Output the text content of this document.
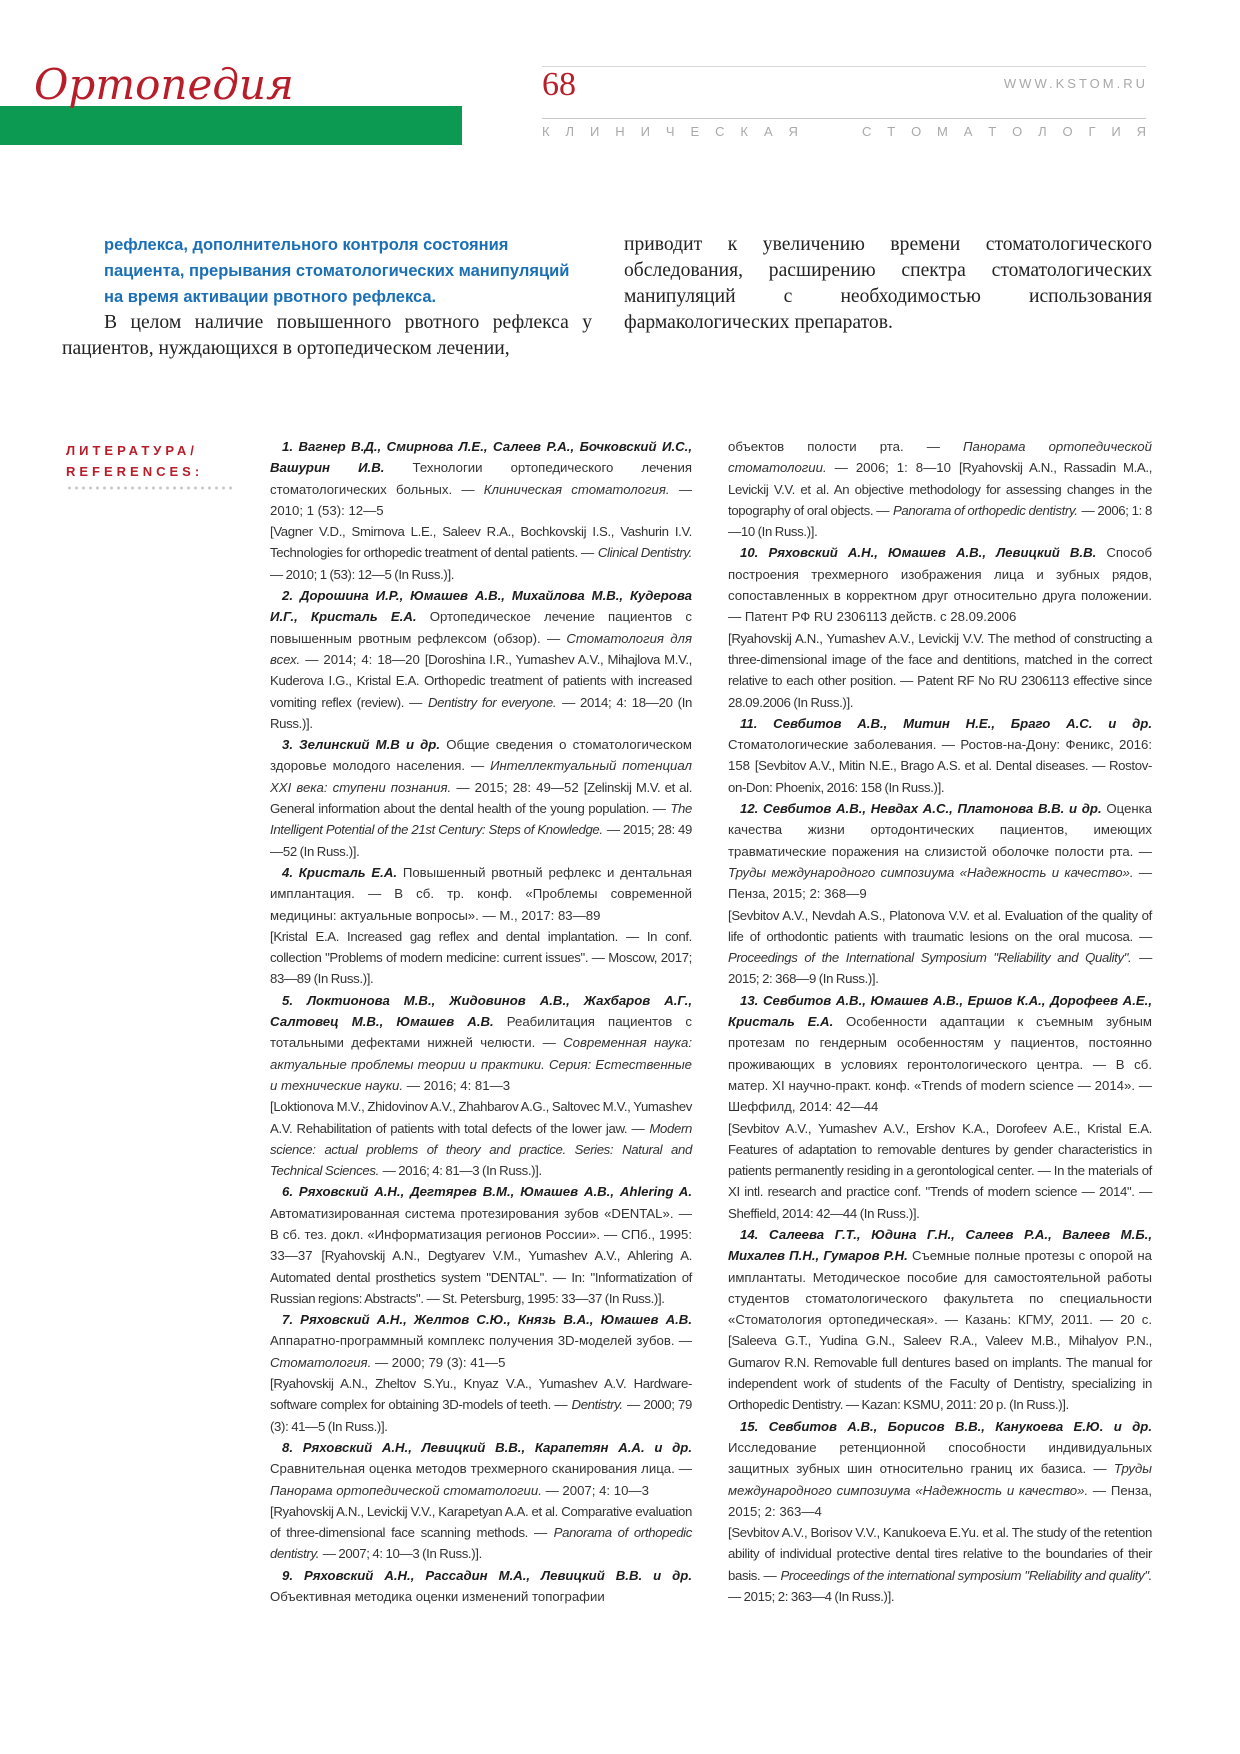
Ортопедия	68	WWW.KSTOM.RU
К Л И Н И Ч Е С К А Я	С Т О М А Т О Л О Г И Я
рефлекса, дополнительного контроля состояния пациента, прерывания стоматологических манипуляций на время активации рвотного рефлекса.
В целом наличие повышенного рвотного рефлекса у пациентов, нуждающихся в ортопедическом лечении,
приводит к увеличению времени стоматологического обследования, расширению спектра стоматологических манипуляций с необходимостью использования фармакологических препаратов.
ЛИТЕРАТУРА/
REFERENCES:

1. Вагнер В.Д., Смирнова Л.Е., Салеев Р.А., Бочковский И.С., Вашурин И.В. Технологии ортопедического лечения стоматологических больных. — Клиническая стоматология. — 2010; 1 (53): 12—5
[Vagner V.D., Smirnova L.E., Saleev R.A., Bochkovskij I.S., Vashurin I.V. Technologies for orthopedic treatment of dental patients. — Clinical Dentistry. — 2010; 1 (53): 12—5 (In Russ.)].

2. Дорошина И.Р., Юмашев А.В., Михайлова М.В., Кудерова И.Г., Кристаль Е.А. Ортопедическое лечение пациентов с повышенным рвотным рефлексом (обзор). — Стоматология для всех. — 2014; 4: 18—20 [Doroshina I.R., Yumashev A.V., Mihajlova M.V., Kuderova I.G., Kristal E.A. Orthopedic treatment of patients with increased vomiting reflex (review). — Dentistry for everyone. — 2014; 4: 18—20 (In Russ.)].

3. Зелинский М.В и др. Общие сведения о стоматологическом здоровье молодого населения. — Интеллектуальный потенциал XXI века: ступени познания. — 2015; 28: 49—52 [Zelinskij M.V. et al. General information about the dental health of the young population. — The Intelligent Potential of the 21st Century: Steps of Knowledge. — 2015; 28: 49—52 (In Russ.)].

4. Кристаль Е.А. Повышенный рвотный рефлекс и дентальная имплантация. — В сб. тр. конф. «Проблемы современной медицины: актуальные вопросы». — М., 2017: 83—89
[Kristal E.A. Increased gag reflex and dental implantation. — In conf. collection "Problems of modern medicine: current issues". — Moscow, 2017; 83—89 (In Russ.)].

5. Локтионова М.В., Жидовинов А.В., Жахбаров А.Г., Салтовец М.В., Юмашев А.В. Реабилитация пациентов с тотальными дефектами нижней челюсти. — Современная наука: актуальные проблемы теории и практики. Серия: Естественные и технические науки. — 2016; 4: 81—3
[Loktionova M.V., Zhidovinov A.V., Zhahbarov A.G., Saltovec M.V., Yumashev A.V. Rehabilitation of patients with total defects of the lower jaw. — Modern science: actual problems of theory and practice. Series: Natural and Technical Sciences. — 2016; 4: 81—3 (In Russ.)].

6. Ряховский А.Н., Дегтярев В.М., Юмашев А.В., Ahlering A. Автоматизированная система протезирования зубов «DENTAL». — В сб. тез. докл. «Информатизация регионов России». — СПб., 1995: 33—37 [Ryahovskij A.N., Degtyarev V.M., Yumashev A.V., Ahlering A. Automated dental prosthetics system "DENTAL". — In: "Informatization of Russian regions: Abstracts". — St. Petersburg, 1995: 33—37 (In Russ.)].

7. Ряховский А.Н., Желтов С.Ю., Князь В.А., Юмашев А.В. Аппаратно-программный комплекс получения 3D-моделей зубов. — Стоматология. — 2000; 79 (3): 41—5
[Ryahovskij A.N., Zheltov S.Yu., Knyaz V.A., Yumashev A.V. Hardware-software complex for obtaining 3D-models of teeth. — Dentistry. — 2000; 79 (3): 41—5 (In Russ.)].

8. Ряховский А.Н., Левицкий В.В., Карапетян А.А. и др. Сравнительная оценка методов трехмерного сканирования лица. — Панорама ортопедической стоматологии. — 2007; 4: 10—3
[Ryahovskij A.N., Levickij V.V., Karapetyan A.A. et al. Comparative evaluation of three-dimensional face scanning methods. — Panorama of orthopedic dentistry. — 2007; 4: 10—3 (In Russ.)].

9. Ряховский А.Н., Рассадин М.А., Левицкий В.В. и др. Объективная методика оценки изменений топографии

объектов полости рта. — Панорама ортопедической стоматологии. — 2006; 1: 8—10 [Ryahovskij A.N., Rassadin M.A., Levickij V.V. et al. An objective methodology for assessing changes in the topography of oral objects. — Panorama of orthopedic dentistry. — 2006; 1: 8—10 (In Russ.)].

10. Ряховский А.Н., Юмашев А.В., Левицкий В.В. Способ построения трехмерного изображения лица и зубных рядов, сопоставленных в корректном друг относительно друга положении. — Патент РФ RU 2306113 действ. с 28.09.2006
[Ryahovskij A.N., Yumashev A.V., Levickij V.V. The method of constructing a three-dimensional image of the face and dentitions, matched in the correct relative to each other position. — Patent RF No RU 2306113 effective since 28.09.2006 (In Russ.)].

11. Севбитов А.В., Митин Н.Е., Браго А.С. и др. Стоматологические заболевания. — Ростов-на-Дону: Феникс, 2016: 158 [Sevbitov A.V., Mitin N.E., Brago A.S. et al. Dental diseases. — Rostov-on-Don: Phoenix, 2016: 158 (In Russ.)].

12. Севбитов А.В., Невдах А.С., Платонова В.В. и др. Оценка качества жизни ортодонтических пациентов, имеющих травматические поражения на слизистой оболочке полости рта. — Труды международного симпозиума «Надежность и качество». — Пенза, 2015; 2: 368—9
[Sevbitov A.V., Nevdah A.S., Platonova V.V. et al. Evaluation of the quality of life of orthodontic patients with traumatic lesions on the oral mucosa. — Proceedings of the International Symposium "Reliability and Quality". — 2015; 2: 368—9 (In Russ.)].

13. Севбитов А.В., Юмашев А.В., Ершов К.А., Дорофеев А.Е., Кристаль Е.А. Особенности адаптации к съемным зубным протезам по гендерным особенностям у пациентов, постоянно проживающих в условиях геронтологического центра. — В сб. матер. XI научно-практ. конф. «Trends of modern science — 2014». — Шеффилд, 2014: 42—44
[Sevbitov A.V., Yumashev A.V., Ershov K.A., Dorofeev A.E., Kristal E.A. Features of adaptation to removable dentures by gender characteristics in patients permanently residing in a gerontological center. — In the materials of XI intl. research and practice conf. "Trends of modern science — 2014". — Sheffield, 2014: 42—44 (In Russ.)].

14. Салеева Г.Т., Юдина Г.Н., Салеев Р.А., Валеев М.Б., Михалев П.Н., Гумаров Р.Н. Съемные полные протезы с опорой на имплантаты. Методическое пособие для самостоятельной работы студентов стоматологического факультета по специальности «Стоматология ортопедическая». — Казань: КГМУ, 2011. — 20 с. [Saleeva G.T., Yudina G.N., Saleev R.A., Valeev M.B., Mihalyov P.N., Gumarov R.N. Removable full dentures based on implants. The manual for independent work of students of the Faculty of Dentistry, specializing in Orthopedic Dentistry. — Kazan: KSMU, 2011: 20 p. (In Russ.)].

15. Севбитов А.В., Борисов В.В., Канукоева Е.Ю. и др. Исследование ретенционной способности индивидуальных защитных зубных шин относительно границ их базиса. — Труды международного симпозиума «Надежность и качество». — Пенза, 2015; 2: 363—4
[Sevbitov A.V., Borisov V.V., Kanukoeva E.Yu. et al. The study of the retention ability of individual protective dental tires relative to the boundaries of their basis. — Proceedings of the international symposium "Reliability and quality". — 2015; 2: 363—4 (In Russ.)].
